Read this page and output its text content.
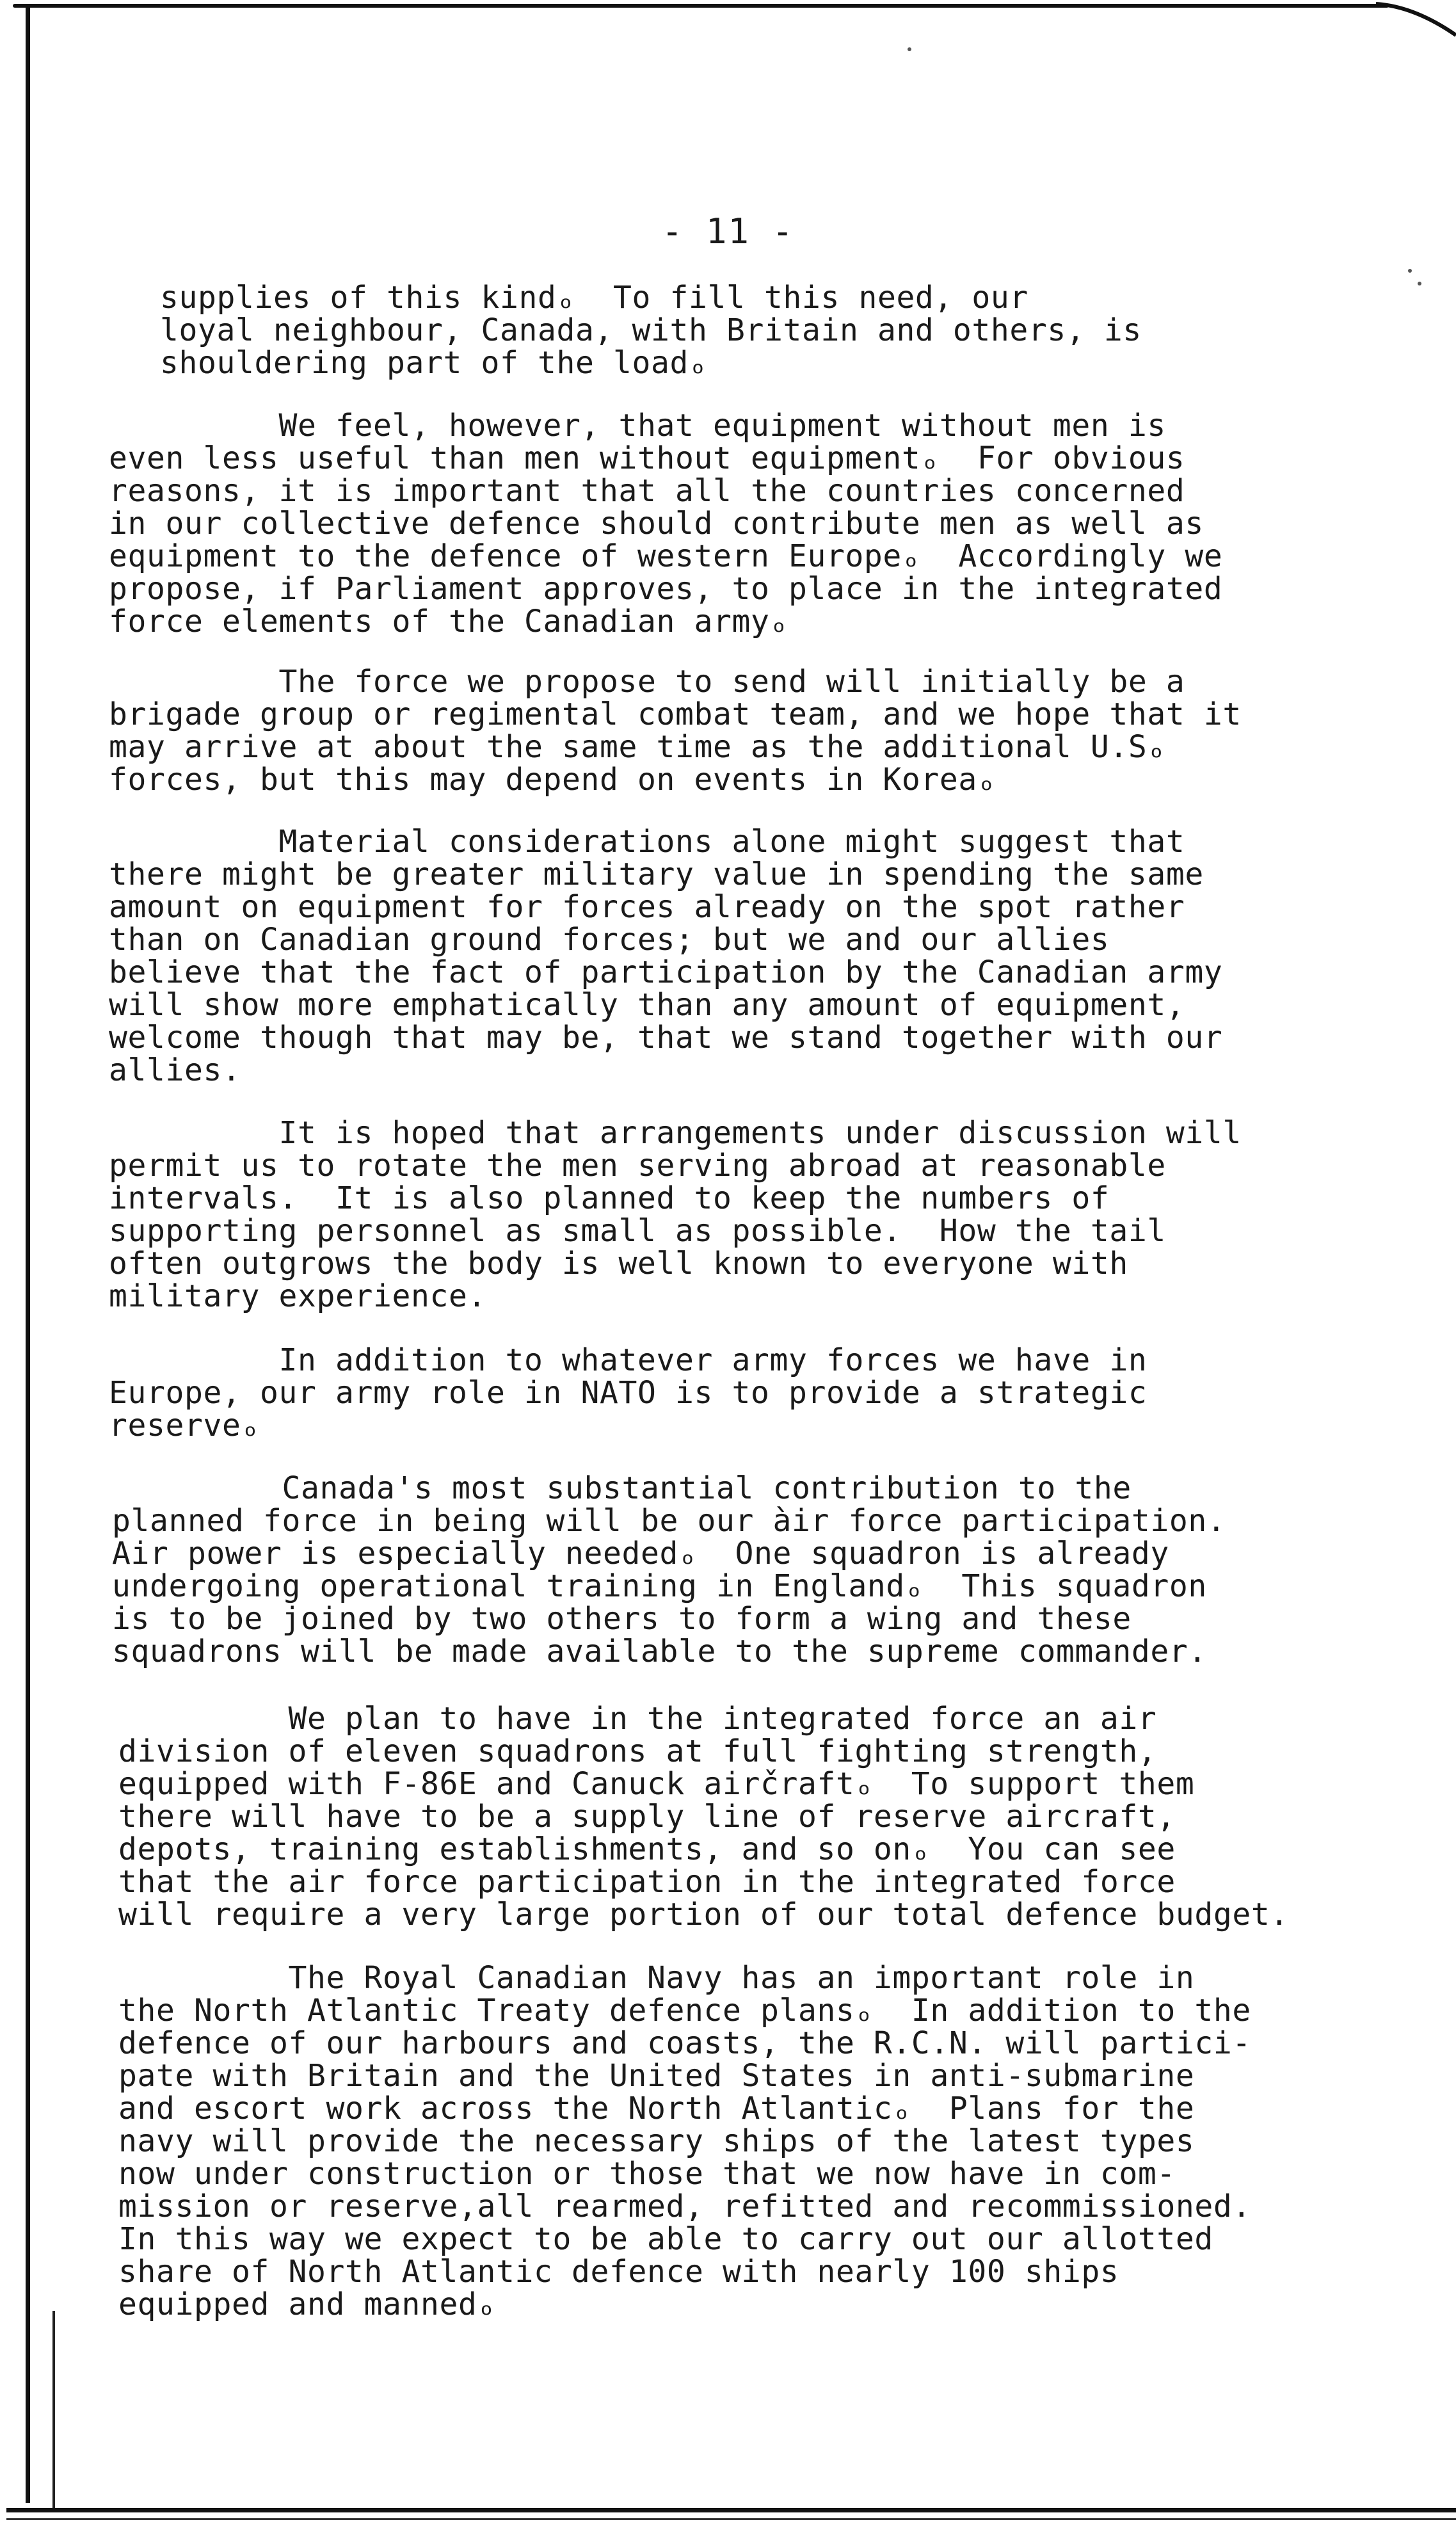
- 11 -
supplies of this kindₒ  To fill this need, our
loyal neighbour, Canada, with Britain and others, is
shouldering part of the loadₒ
We feel, however, that equipment without men is
even less useful than men without equipmentₒ  For obvious
reasons, it is important that all the countries concerned
in our collective defence should contribute men as well as
equipment to the defence of western Europeₒ  Accordingly we
propose, if Parliament approves, to place in the integrated
force elements of the Canadian armyₒ
The force we propose to send will initially be a
brigade group or regimental combat team, and we hope that it
may arrive at about the same time as the additional U.Sₒ
forces, but this may depend on events in Koreaₒ
Material considerations alone might suggest that
there might be greater military value in spending the same
amount on equipment for forces already on the spot rather
than on Canadian ground forces; but we and our allies
believe that the fact of participation by the Canadian army
will show more emphatically than any amount of equipment,
welcome though that may be, that we stand together with our
allies.
It is hoped that arrangements under discussion will
permit us to rotate the men serving abroad at reasonable
intervals.  It is also planned to keep the numbers of
supporting personnel as small as possible.  How the tail
often outgrows the body is well known to everyone with
military experience.
In addition to whatever army forces we have in
Europe, our army role in NATO is to provide a strategic
reserveₒ
Canada's most substantial contribution to the
planned force in being will be our àir force participation.
Air power is especially neededₒ  One squadron is already
undergoing operational training in Englandₒ  This squadron
is to be joined by two others to form a wing and these
squadrons will be made available to the supreme commander.
We plan to have in the integrated force an air
division of eleven squadrons at full fighting strength,
equipped with F-86E and Canuck airčraftₒ  To support them
there will have to be a supply line of reserve aircraft,
depots, training establishments, and so onₒ  You can see
that the air force participation in the integrated force
will require a very large portion of our total defence budget.
The Royal Canadian Navy has an important role in
the North Atlantic Treaty defence plansₒ  In addition to the
defence of our harbours and coasts, the R.C.N. will partici-
pate with Britain and the United States in anti-submarine
and escort work across the North Atlanticₒ  Plans for the
navy will provide the necessary ships of the latest types
now under construction or those that we now have in com-
mission or reserve,all rearmed, refitted and recommissioned.
In this way we expect to be able to carry out our allotted
share of North Atlantic defence with nearly 100 ships
equipped and mannedₒ
